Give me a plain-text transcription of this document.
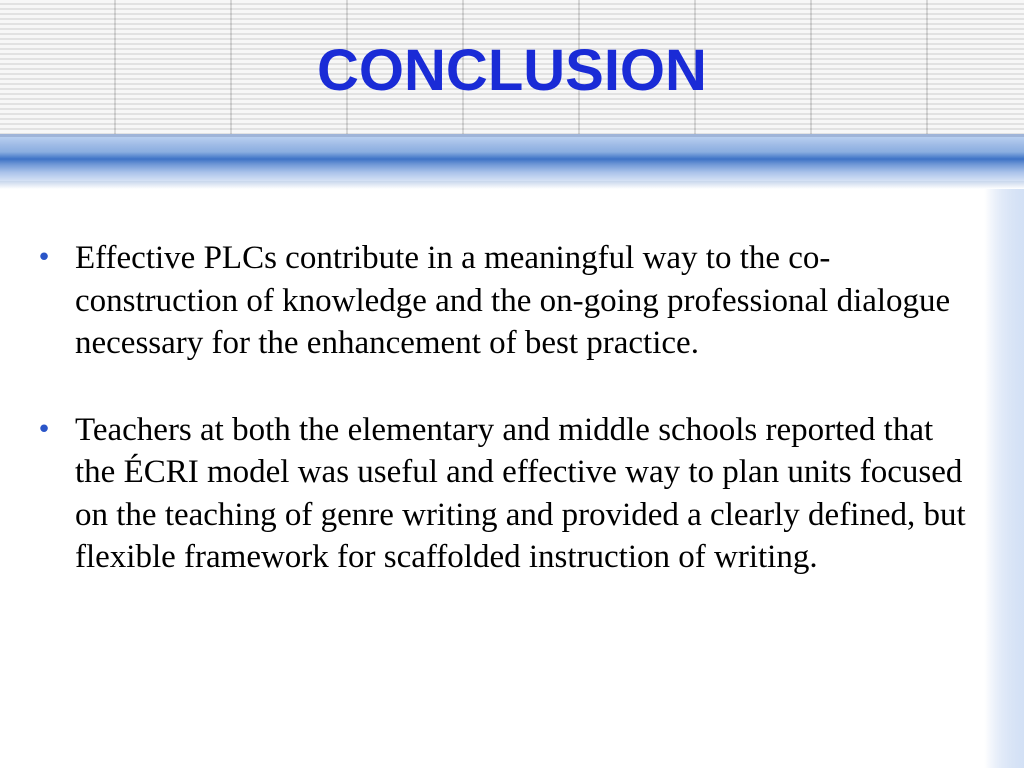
CONCLUSION
• Effective PLCs contribute in a meaningful way to the co-construction of knowledge and the on-going professional dialogue necessary for the enhancement of best practice.
• Teachers at both the elementary and middle schools reported that the ÉCRI model was useful and effective way to plan units focused on the teaching of genre writing and provided a clearly defined, but flexible framework for scaffolded instruction of writing.
